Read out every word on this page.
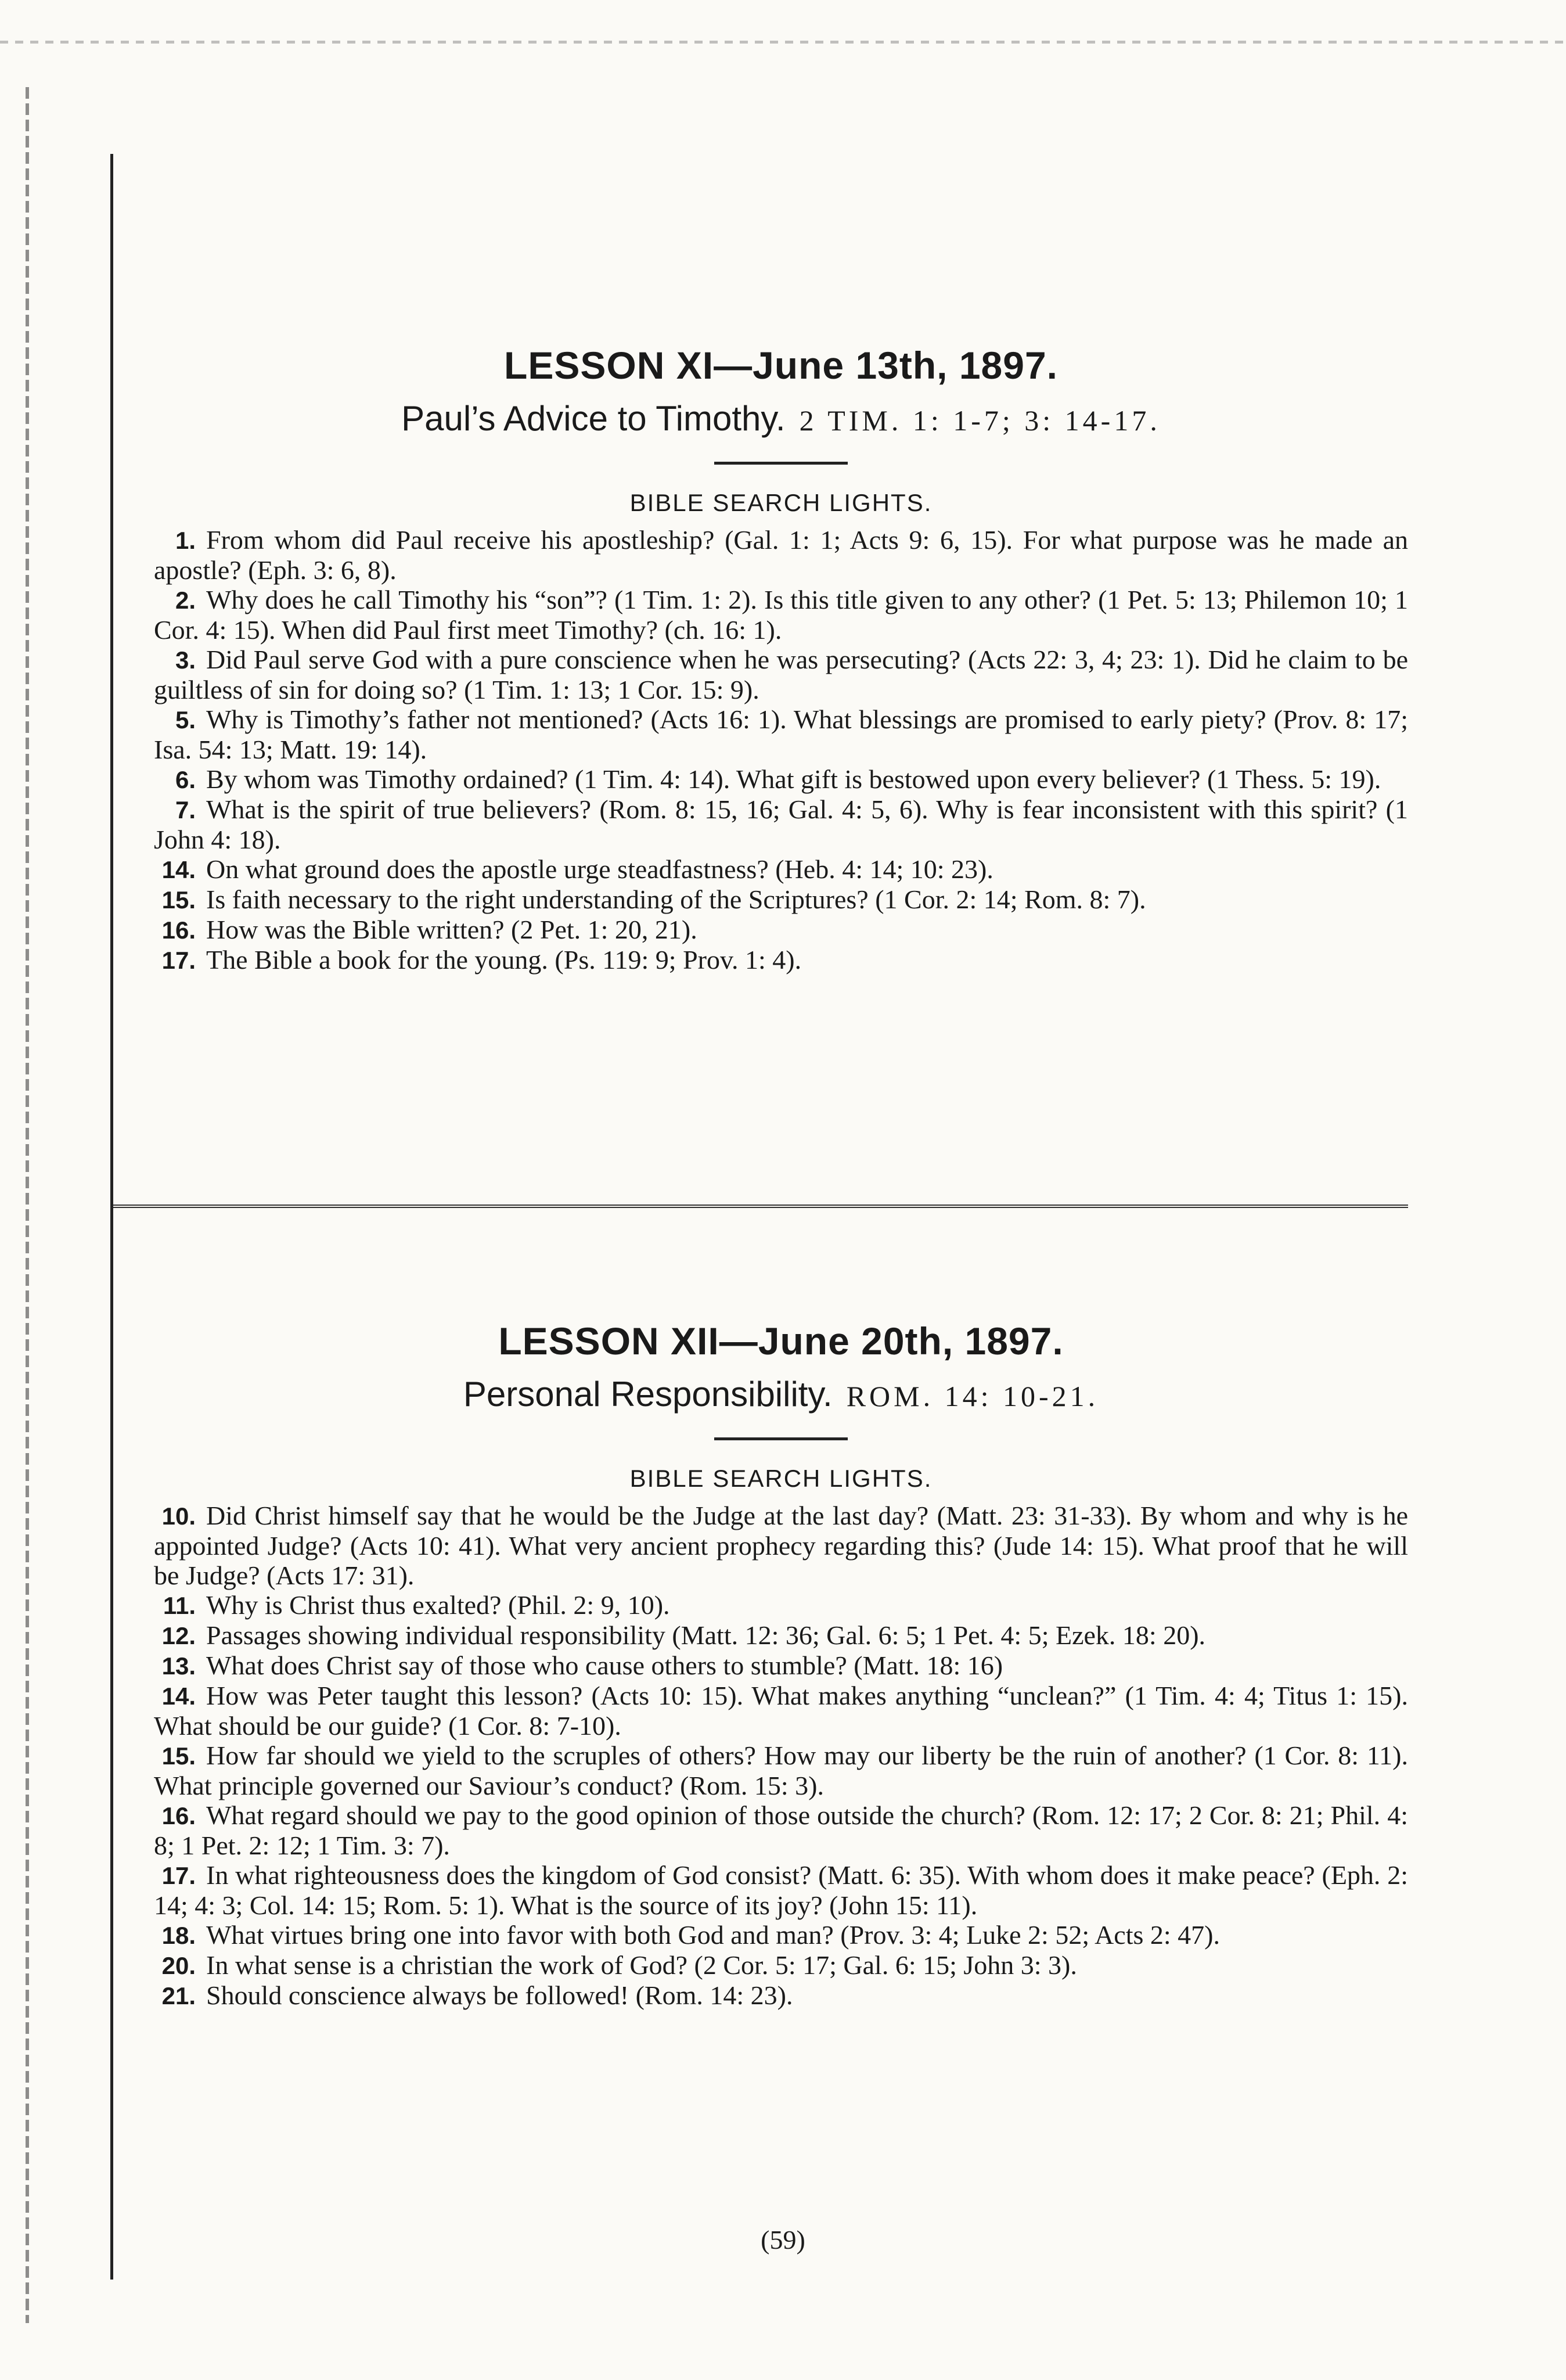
LESSON XI—June 13th, 1897.
Paul’s Advice to Timothy. 2 TIM. 1: 1-7; 3: 14-17.
BIBLE SEARCH LIGHTS.

1. From whom did Paul receive his apostleship? (Gal. 1: 1; Acts 9: 6, 15). For what purpose was he made an apostle? (Eph. 3: 6, 8).

2. Why does he call Timothy his “son”? (1 Tim. 1: 2). Is this title given to any other? (1 Pet. 5: 13; Philemon 10; 1 Cor. 4: 15). When did Paul first meet Timothy? (ch. 16: 1).

3. Did Paul serve God with a pure conscience when he was persecuting? (Acts 22: 3, 4; 23: 1). Did he claim to be guiltless of sin for doing so? (1 Tim. 1: 13; 1 Cor. 15: 9).

5. Why is Timothy’s father not mentioned? (Acts 16: 1). What blessings are promised to early piety? (Prov. 8: 17; Isa. 54: 13; Matt. 19: 14).

6. By whom was Timothy ordained? (1 Tim. 4: 14). What gift is bestowed upon every believer? (1 Thess. 5: 19).

7. What is the spirit of true believers? (Rom. 8: 15, 16; Gal. 4: 5, 6). Why is fear inconsistent with this spirit? (1 John 4: 18).

14. On what ground does the apostle urge steadfastness? (Heb. 4: 14; 10: 23).

15. Is faith necessary to the right understanding of the Scriptures? (1 Cor. 2: 14; Rom. 8: 7).

16. How was the Bible written? (2 Pet. 1: 20, 21).

17. The Bible a book for the young. (Ps. 119: 9; Prov. 1: 4).

LESSON XII—June 20th, 1897.
Personal Responsibility. ROM. 14: 10-21.
BIBLE SEARCH LIGHTS.

10. Did Christ himself say that he would be the Judge at the last day? (Matt. 23: 31-33). By whom and why is he appointed Judge? (Acts 10: 41). What very ancient prophecy regarding this? (Jude 14: 15). What proof that he will be Judge? (Acts 17: 31).

11. Why is Christ thus exalted? (Phil. 2: 9, 10).

12. Passages showing individual responsibility (Matt. 12: 36; Gal. 6: 5; 1 Pet. 4: 5; Ezek. 18: 20).

13. What does Christ say of those who cause others to stumble? (Matt. 18: 16)

14. How was Peter taught this lesson? (Acts 10: 15). What makes anything “unclean?” (1 Tim. 4: 4; Titus 1: 15). What should be our guide? (1 Cor. 8: 7-10).

15. How far should we yield to the scruples of others? How may our liberty be the ruin of another? (1 Cor. 8: 11). What principle governed our Saviour’s conduct? (Rom. 15: 3).

16. What regard should we pay to the good opinion of those outside the church? (Rom. 12: 17; 2 Cor. 8: 21; Phil. 4: 8; 1 Pet. 2: 12; 1 Tim. 3: 7).

17. In what righteousness does the kingdom of God consist? (Matt. 6: 35). With whom does it make peace? (Eph. 2: 14; 4: 3; Col. 14: 15; Rom. 5: 1). What is the source of its joy? (John 15: 11).

18. What virtues bring one into favor with both God and man? (Prov. 3: 4; Luke 2: 52; Acts 2: 47).

20. In what sense is a christian the work of God? (2 Cor. 5: 17; Gal. 6: 15; John 3: 3).

21. Should conscience always be followed! (Rom. 14: 23).

(59)
